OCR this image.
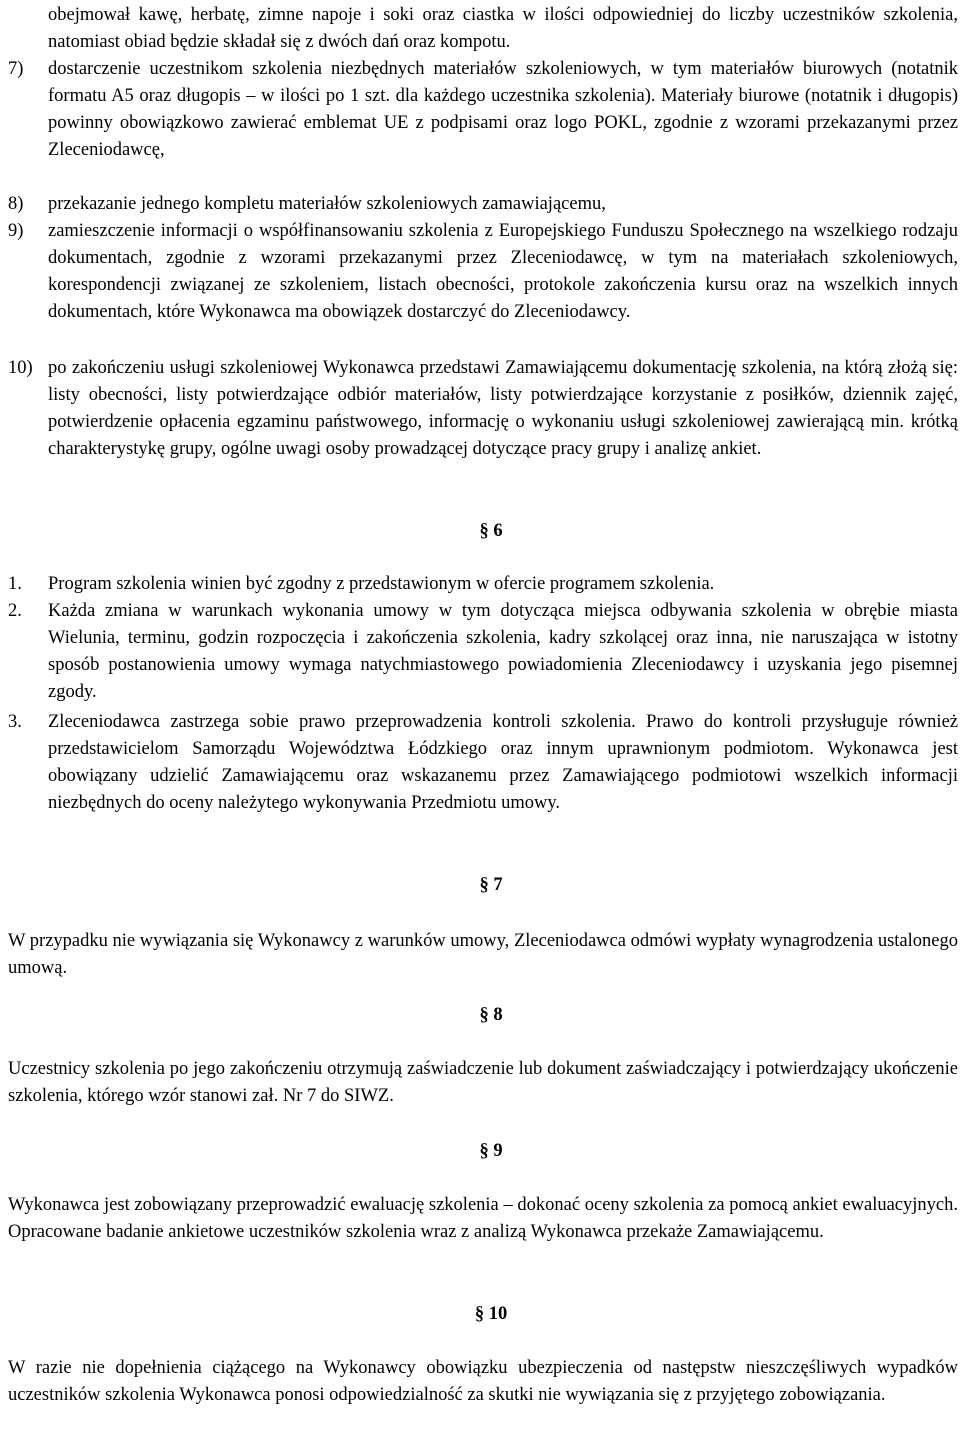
obejmował kawę, herbatę, zimne napoje i soki oraz ciastka w ilości odpowiedniej do liczby uczestników szkolenia, natomiast obiad będzie składał się z dwóch dań oraz kompotu.

7)	dostarczenie uczestnikom szkolenia niezbędnych materiałów szkoleniowych, w tym materiałów biurowych (notatnik formatu A5 oraz długopis – w ilości po 1 szt. dla każdego uczestnika szkolenia). Materiały biurowe (notatnik i długopis) powinny obowiązkowo zawierać emblemat UE z podpisami oraz logo POKL, zgodnie z wzorami przekazanymi przez Zleceniodawcę,

8)	przekazanie jednego kompletu materiałów szkoleniowych zamawiającemu,

9)	zamieszczenie informacji o współfinansowaniu szkolenia z Europejskiego Funduszu Społecznego na wszelkiego rodzaju dokumentach, zgodnie z wzorami przekazanymi przez Zleceniodawcę, w tym na materiałach szkoleniowych, korespondencji związanej ze szkoleniem, listach obecności, protokole zakończenia kursu oraz na wszelkich innych dokumentach, które Wykonawca ma obowiązek dostarczyć do Zleceniodawcy.

10) po zakończeniu usługi szkoleniowej Wykonawca przedstawi Zamawiającemu dokumentację szkolenia, na którą złożą się: listy obecności, listy potwierdzające odbiór materiałów, listy potwierdzające korzystanie z posiłków, dziennik zajęć, potwierdzenie opłacenia egzaminu państwowego, informację o wykonaniu usługi szkoleniowej zawierającą min. krótką charakterystykę grupy, ogólne uwagi osoby prowadzącej dotyczące pracy grupy i analizę ankiet.

§ 6
1.	Program szkolenia winien być zgodny z przedstawionym w ofercie programem szkolenia.

2.	Każda zmiana w warunkach wykonania umowy w tym dotycząca miejsca odbywania szkolenia w obrębie miasta Wielunia, terminu, godzin rozpoczęcia i zakończenia szkolenia, kadry szkolącej oraz inna, nie naruszająca w istotny sposób postanowienia umowy wymaga natychmiastowego powiadomienia Zleceniodawcy i uzyskania jego pisemnej zgody.

3.	Zleceniodawca zastrzega sobie prawo przeprowadzenia kontroli szkolenia. Prawo do kontroli przysługuje również przedstawicielom Samorządu Województwa Łódzkiego oraz innym uprawnionym podmiotom. Wykonawca jest obowiązany udzielić Zamawiającemu oraz wskazanemu przez Zamawiającego podmiotowi wszelkich informacji niezbędnych do oceny należytego wykonywania Przedmiotu umowy.

§ 7

W przypadku nie wywiązania się Wykonawcy z warunków umowy, Zleceniodawca odmówi wypłaty wynagrodzenia ustalonego umową.

§ 8

Uczestnicy szkolenia po jego zakończeniu otrzymują zaświadczenie lub dokument zaświadczający i potwierdzający ukończenie szkolenia, którego wzór stanowi zał. Nr 7 do SIWZ.

§ 9

Wykonawca jest zobowiązany przeprowadzić ewaluację szkolenia – dokonać oceny szkolenia za pomocą ankiet ewaluacyjnych. Opracowane badanie ankietowe uczestników szkolenia wraz z analizą Wykonawca przekaże Zamawiającemu.

§ 10

W razie nie dopełnienia ciążącego na Wykonawcy obowiązku ubezpieczenia od następstw nieszczęśliwych wypadków uczestników szkolenia Wykonawca ponosi odpowiedzialność za skutki nie wywiązania się z przyjętego zobowiązania.
